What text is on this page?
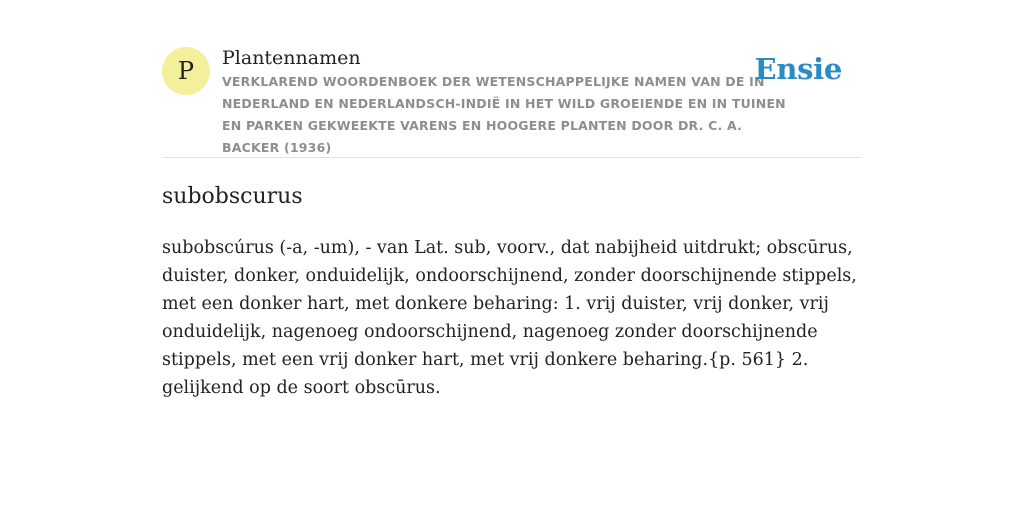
P Plantennamen
VERKLAREND WOORDENBOEK DER WETENSCHAPPELIJKE NAMEN VAN DE IN NEDERLAND EN NEDERLANDSCH-INDIË IN HET WILD GROEIENDE EN IN TUINEN EN PARKEN GEKWEEKTE VARENS EN HOOGERE PLANTEN DOOR DR. C. A. BACKER (1936)
Ensie
subobscurus

subobscúrus (-a, -um), - van Lat. sub, voorv., dat nabijheid uitdrukt; obscūrus, duister, donker, onduidelijk, ondoorschijnend, zonder doorschijnende stippels, met een donker hart, met donkere beharing: 1. vrij duister, vrij donker, vrij onduidelijk, nagenoeg ondoorschijnend, nagenoeg zonder doorschijnende stippels, met een vrij donker hart, met vrij donkere beharing.{p. 561} 2. gelijkend op de soort obscūrus.
